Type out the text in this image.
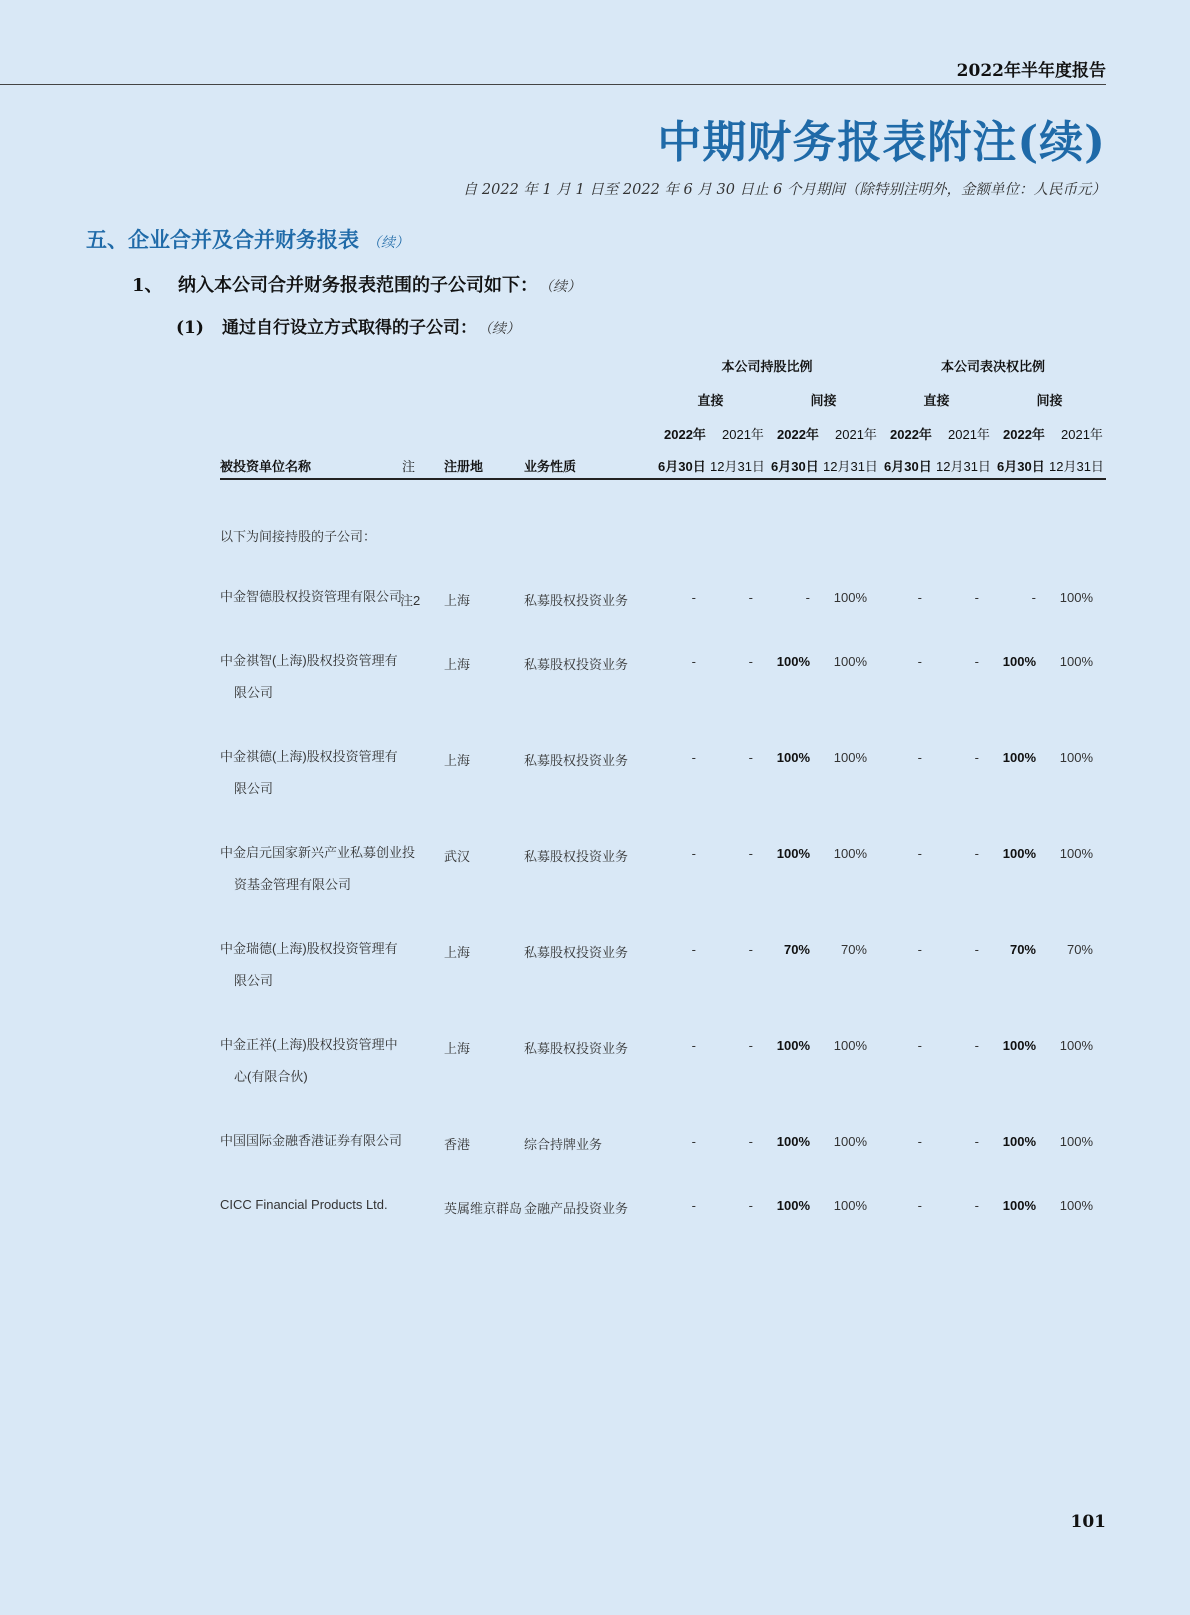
2022年半年度报告
中期财务报表附注(续)
自 2022 年 1 月 1 日至 2022 年 6 月 30 日止 6 个月期间（除特别注明外，金额单位：人民币元）
五、企业合并及合并财务报表 （续）
1、 纳入本公司合并财务报表范围的子公司如下： （续）
(1) 通过自行设立方式取得的子公司： （续）
本公司持股比例	本公司表决权比例
直接	间接	直接	间接
2022年 2021年 2022年 2021年 2022年 2021年 2022年 2021年
被投资单位名称	注 注册地	业务性质	6月30日 12月31日 6月30日 12月31日 6月30日 12月31日 6月30日 12月31日
以下为间接持股的子公司：
中金智德股权投资管理有限公司
注2 上海	私募股权投资业务	-	-	-	100%	-	-	-	100%
中金祺智(上海)股权投资管理有
限公司
上海	私募股权投资业务	-	-	100%	100%	-	-	100%	100%
中金祺德(上海)股权投资管理有
限公司
上海	私募股权投资业务	-	-	100%	100%	-	-	100%	100%
中金启元国家新兴产业私募创业投
资基金管理有限公司
武汉	私募股权投资业务	-	-	100%	100%	-	-	100%	100%
中金瑞德(上海)股权投资管理有
限公司
上海	私募股权投资业务	-	-	70%	70%	-	-	70%	70%
中金正祥(上海)股权投资管理中
心(有限合伙)
上海	私募股权投资业务	-	-	100%	100%	-	-	100%	100%
中国国际金融香港证券有限公司	香港	综合持牌业务	-	-	100%	100%	-	-	100%	100%
CICC Financial Products Ltd.	英属维京群岛 金融产品投资业务	-	-	100%	100%	-	-	100%	100%
101
